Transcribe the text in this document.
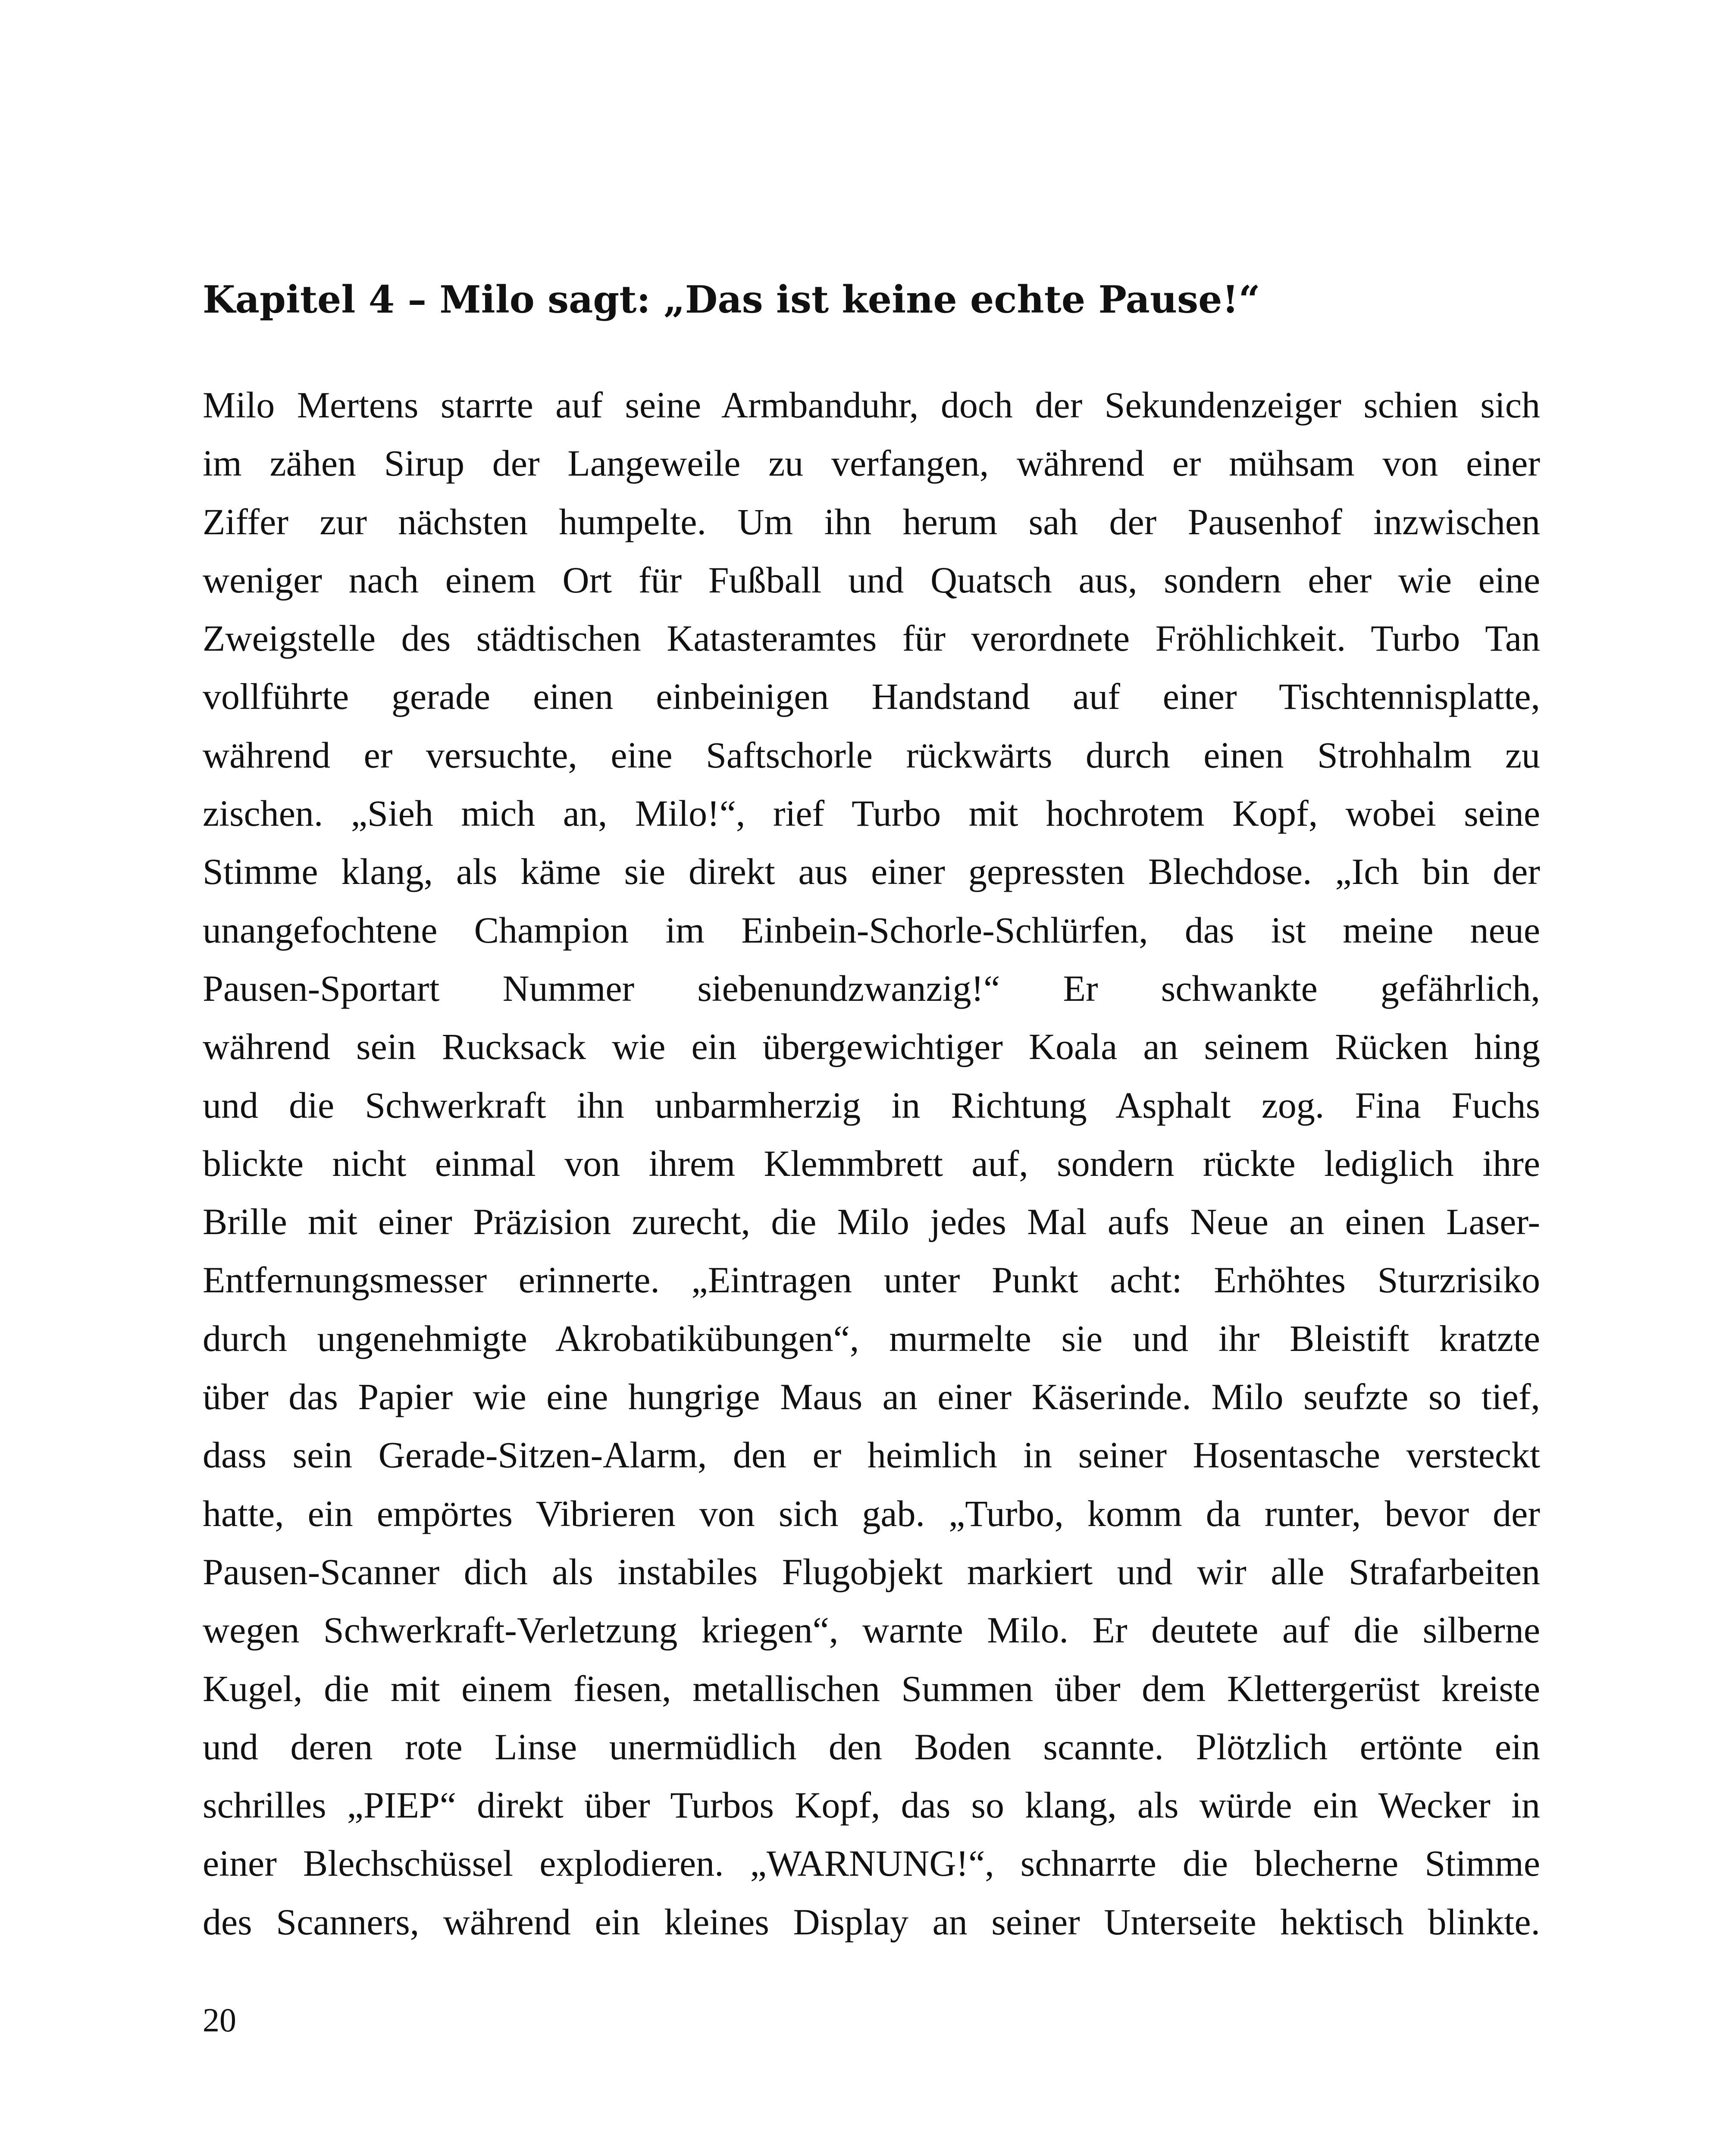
Kapitel 4 – Milo sagt: „Das ist keine echte Pause!“
Milo Mertens starrte auf seine Armbanduhr, doch der Sekundenzeiger schien sich
im zähen Sirup der Langeweile zu verfangen, während er mühsam von einer
Ziffer zur nächsten humpelte. Um ihn herum sah der Pausenhof inzwischen
weniger nach einem Ort für Fußball und Quatsch aus, sondern eher wie eine
Zweigstelle des städtischen Katasteramtes für verordnete Fröhlichkeit. Turbo Tan
vollführte gerade einen einbeinigen Handstand auf einer Tischtennisplatte,
während er versuchte, eine Saftschorle rückwärts durch einen Strohhalm zu
zischen. „Sieh mich an, Milo!“, rief Turbo mit hochrotem Kopf, wobei seine
Stimme klang, als käme sie direkt aus einer gepressten Blechdose. „Ich bin der
unangefochtene Champion im Einbein-Schorle-Schlürfen, das ist meine neue
Pausen-Sportart Nummer siebenundzwanzig!“ Er schwankte gefährlich,
während sein Rucksack wie ein übergewichtiger Koala an seinem Rücken hing
und die Schwerkraft ihn unbarmherzig in Richtung Asphalt zog. Fina Fuchs
blickte nicht einmal von ihrem Klemmbrett auf, sondern rückte lediglich ihre
Brille mit einer Präzision zurecht, die Milo jedes Mal aufs Neue an einen Laser-
Entfernungsmesser erinnerte. „Eintragen unter Punkt acht: Erhöhtes Sturzrisiko
durch ungenehmigte Akrobatikübungen“, murmelte sie und ihr Bleistift kratzte
über das Papier wie eine hungrige Maus an einer Käserinde. Milo seufzte so tief,
dass sein Gerade-Sitzen-Alarm, den er heimlich in seiner Hosentasche versteckt
hatte, ein empörtes Vibrieren von sich gab. „Turbo, komm da runter, bevor der
Pausen-Scanner dich als instabiles Flugobjekt markiert und wir alle Strafarbeiten
wegen Schwerkraft-Verletzung kriegen“, warnte Milo. Er deutete auf die silberne
Kugel, die mit einem fiesen, metallischen Summen über dem Klettergerüst kreiste
und deren rote Linse unermüdlich den Boden scannte. Plötzlich ertönte ein
schrilles „PIEP“ direkt über Turbos Kopf, das so klang, als würde ein Wecker in
einer Blechschüssel explodieren. „WARNUNG!“, schnarrte die blecherne Stimme
des Scanners, während ein kleines Display an seiner Unterseite hektisch blinkte.
20
